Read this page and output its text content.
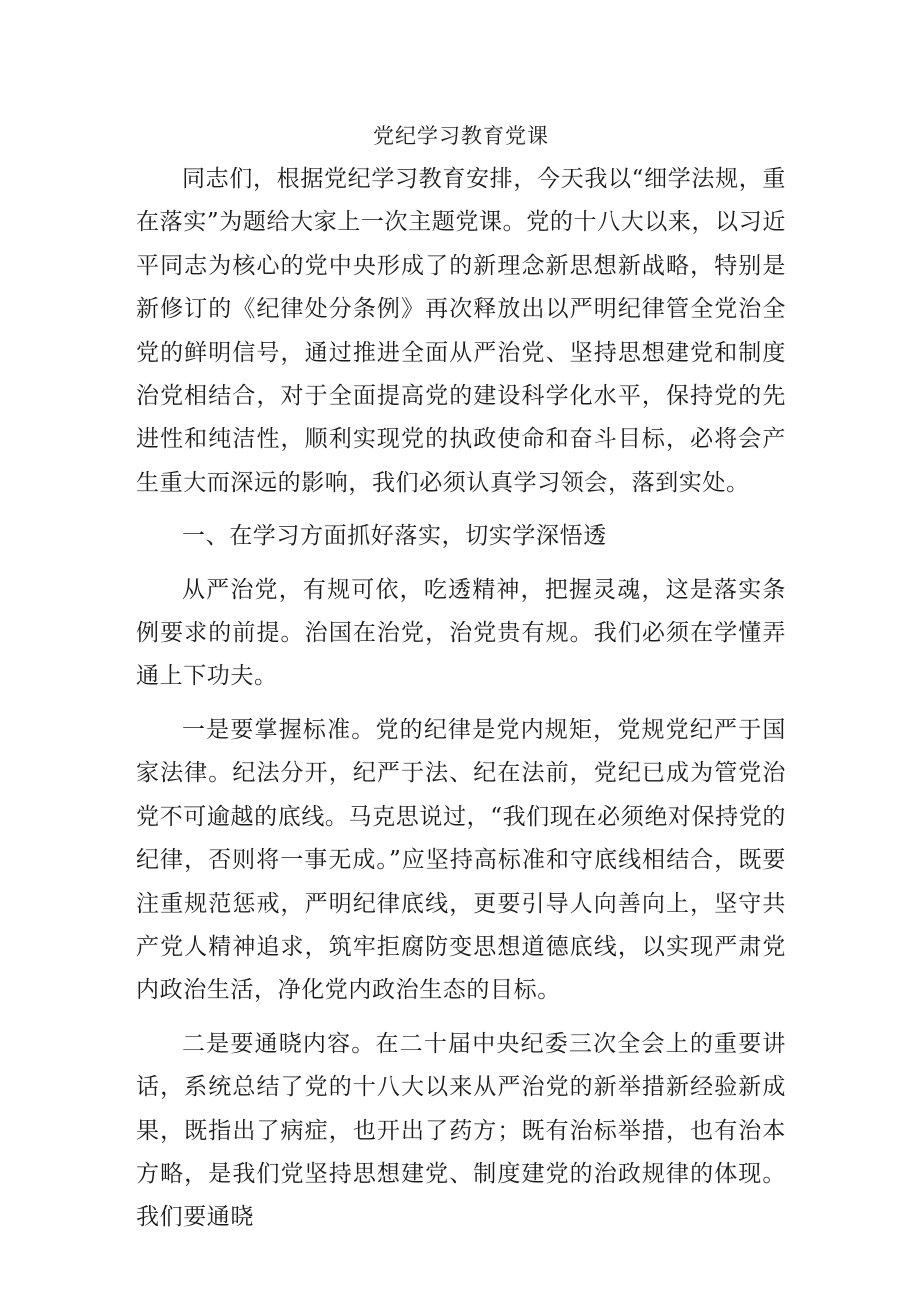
党纪学习教育党课

同志们，根据党纪学习教育安排，今天我以“细学法规，重在落实”为题给大家上一次主题党课。党的十八大以来，以习近平同志为核心的党中央形成了的新理念新思想新战略，特别是新修订的《纪律处分条例》再次释放出以严明纪律管全党治全党的鲜明信号，通过推进全面从严治党、坚持思想建党和制度治党相结合，对于全面提高党的建设科学化水平，保持党的先进性和纯洁性，顺利实现党的执政使命和奋斗目标，必将会产生重大而深远的影响，我们必须认真学习领会，落到实处。

一、在学习方面抓好落实，切实学深悟透

从严治党，有规可依，吃透精神，把握灵魂，这是落实条例要求的前提。治国在治党，治党贵有规。我们必须在学懂弄通上下功夫。

一是要掌握标准。党的纪律是党内规矩，党规党纪严于国家法律。纪法分开，纪严于法、纪在法前，党纪已成为管党治党不可逾越的底线。马克思说过，“我们现在必须绝对保持党的纪律，否则将一事无成。”应坚持高标准和守底线相结合，既要注重规范惩戒，严明纪律底线，更要引导人向善向上，坚守共产党人精神追求，筑牢拒腐防变思想道德底线，以实现严肃党内政治生活，净化党内政治生态的目标。

二是要通晓内容。在二十届中央纪委三次全会上的重要讲话，系统总结了党的十八大以来从严治党的新举措新经验新成果，既指出了病症，也开出了药方；既有治标举措，也有治本方略，是我们党坚持思想建党、制度建党的治政规律的体现。我们要通晓
